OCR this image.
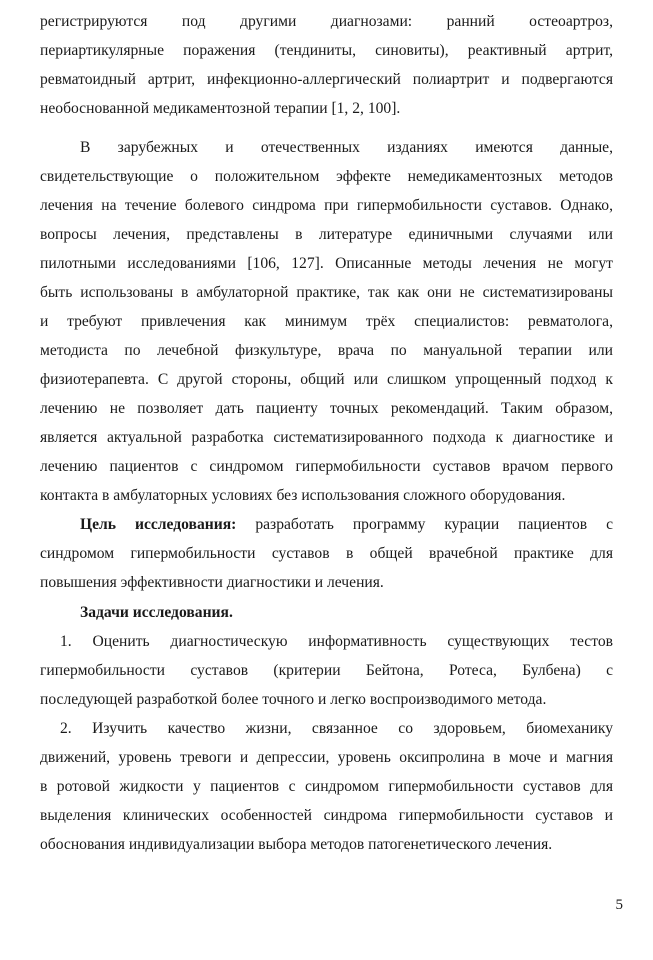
регистрируются под другими диагнозами: ранний остеоартроз,
периартикулярные поражения (тендиниты, синовиты), реактивный артрит,
ревматоидный артрит, инфекционно-аллергический полиартрит и подвергаются
необоснованной медикаментозной терапии [1, 2, 100].
В зарубежных и отечественных изданиях имеются данные,
свидетельствующие о положительном эффекте немедикаментозных методов
лечения на течение болевого синдрома при гипермобильности суставов. Однако,
вопросы лечения, представлены в литературе единичными случаями или
пилотными исследованиями [106, 127]. Описанные методы лечения не могут
быть использованы в амбулаторной практике, так как они не систематизированы
и требуют привлечения как минимум трёх специалистов: ревматолога,
методиста по лечебной физкультуре, врача по мануальной терапии или
физиотерапевта. С другой стороны, общий или слишком упрощенный подход к
лечению не позволяет дать пациенту точных рекомендаций. Таким образом,
является актуальной разработка систематизированного подхода к диагностике и
лечению пациентов с синдромом гипермобильности суставов врачом первого
контакта в амбулаторных условиях без использования сложного оборудования.
Цель исследования: разработать программу курации пациентов с
синдромом гипермобильности суставов в общей врачебной практике для
повышения эффективности диагностики и лечения.
Задачи исследования.
1. Оценить диагностическую информативность существующих тестов
гипермобильности суставов (критерии Бейтона, Ротеса, Булбена) с
последующей разработкой более точного и легко воспроизводимого метода.
2. Изучить качество жизни, связанное со здоровьем, биомеханику
движений, уровень тревоги и депрессии, уровень оксипролина в моче и магния
в ротовой жидкости у пациентов с синдромом гипермобильности суставов для
выделения клинических особенностей синдрома гипермобильности суставов и
обоснования индивидуализации выбора методов патогенетического лечения.
5
